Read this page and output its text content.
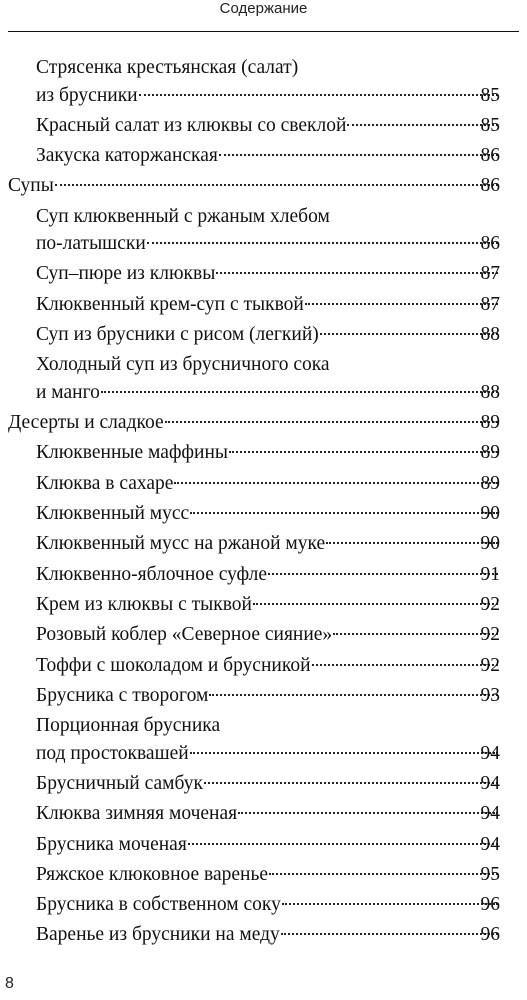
Содержание
Стрясенка крестьянская (салат)
из брусники	85
Красный салат из клюквы со свеклой	85
Закуска каторжанская	86
Супы	86
Суп клюквенный с ржаным хлебом
по-латышски	86
Суп–пюре из клюквы	87
Клюквенный крем-суп с тыквой	87
Суп из брусники с рисом (легкий)	88
Холодный суп из брусничного сока
и манго	88
Десерты и сладкое	89
Клюквенные маффины	89
Клюква в сахаре	89
Клюквенный мусс	90
Клюквенный мусс на ржаной муке	90
Клюквенно-яблочное суфле	91
Крем из клюквы с тыквой	92
Розовый коблер «Северное сияние»	92
Тоффи с шоколадом и брусникой	92
Брусника с творогом	93
Порционная брусника
под простоквашей	94
Брусничный самбук	94
Клюква зимняя моченая	94
Брусника моченая	94
Ряжское клюковное варенье	95
Брусника в собственном соку	96
Варенье из брусники на меду	96
8
